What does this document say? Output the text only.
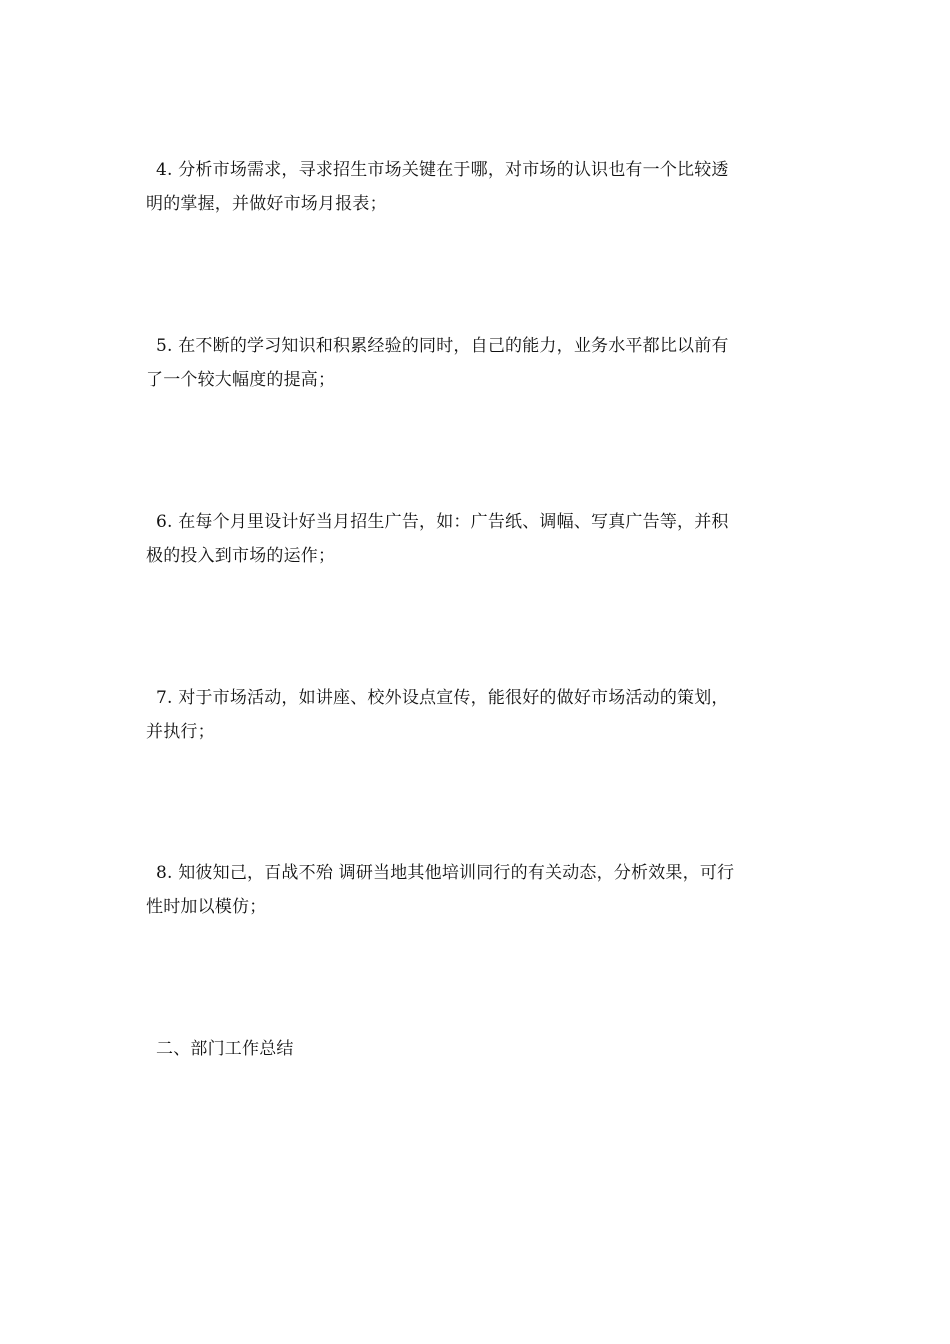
4. 分析市场需求，寻求招生市场关键在于哪，对市场的认识也有一个比较透
明的掌握，并做好市场月报表；

5. 在不断的学习知识和积累经验的同时，自己的能力，业务水平都比以前有
了一个较大幅度的提高；

6. 在每个月里设计好当月招生广告，如：广告纸、调幅、写真广告等，并积
极的投入到市场的运作；

7. 对于市场活动，如讲座、校外设点宣传，能很好的做好市场活动的策划，
并执行；

8. 知彼知己，百战不殆 调研当地其他培训同行的有关动态，分析效果，可行
性时加以模仿；

二、部门工作总结
